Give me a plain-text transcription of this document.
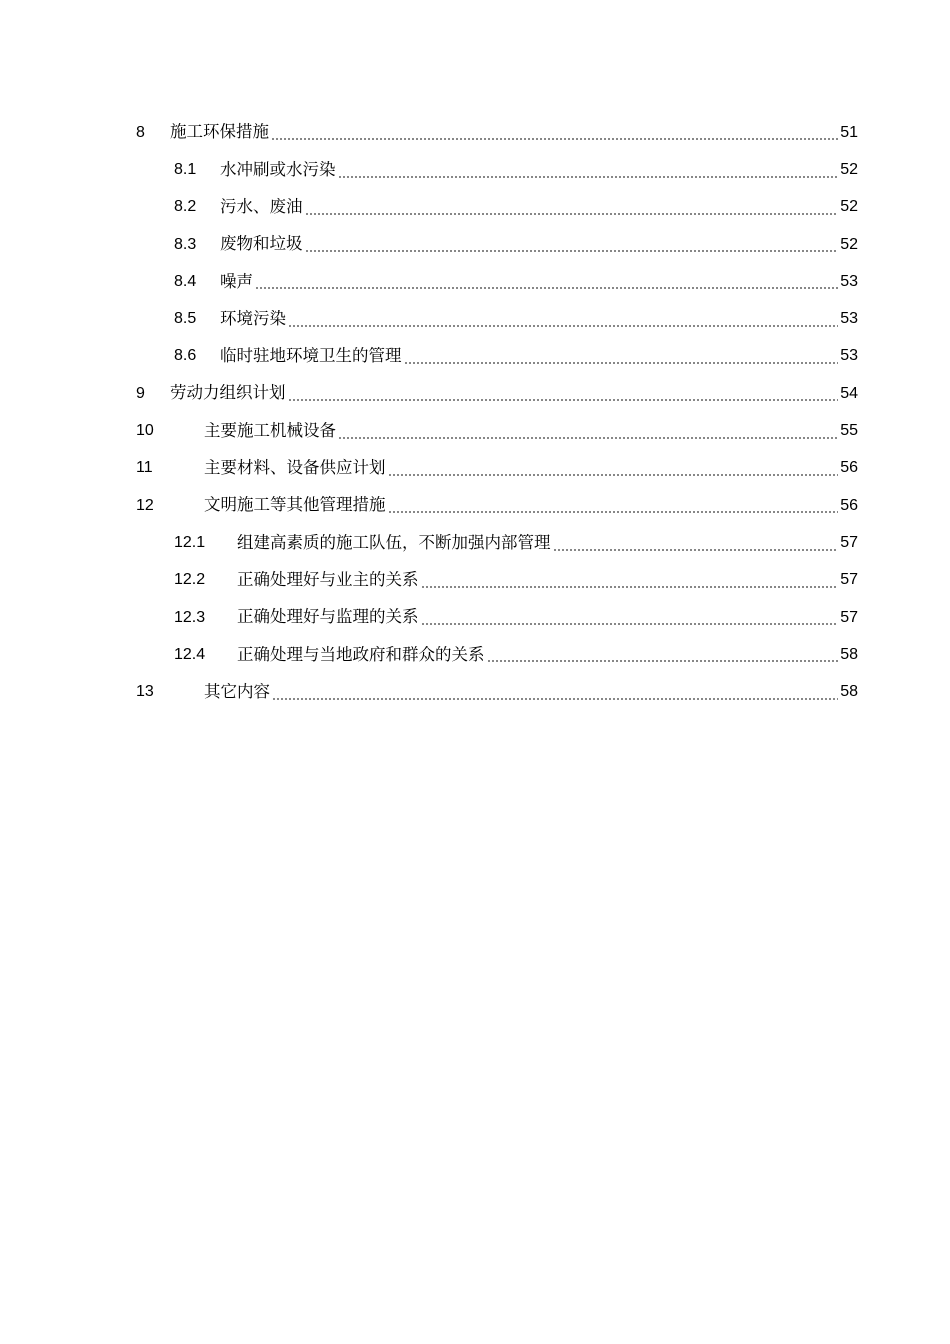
8 施工环保措施	51
8.1 水冲刷或水污染	52
8.2 污水、废油	52
8.3 废物和垃圾	52
8.4 噪声	53
8.5 环境污染	53
8.6 临时驻地环境卫生的管理	53
9 劳动力组织计划	54
10	主要施工机械设备	55
11	主要材料、设备供应计划	56
12	文明施工等其他管理措施	56
12.1 组建高素质的施工队伍，不断加强内部管理	57
12.2 正确处理好与业主的关系	57
12.3 正确处理好与监理的关系	57
12.4 正确处理与当地政府和群众的关系	58
13	其它内容	58
